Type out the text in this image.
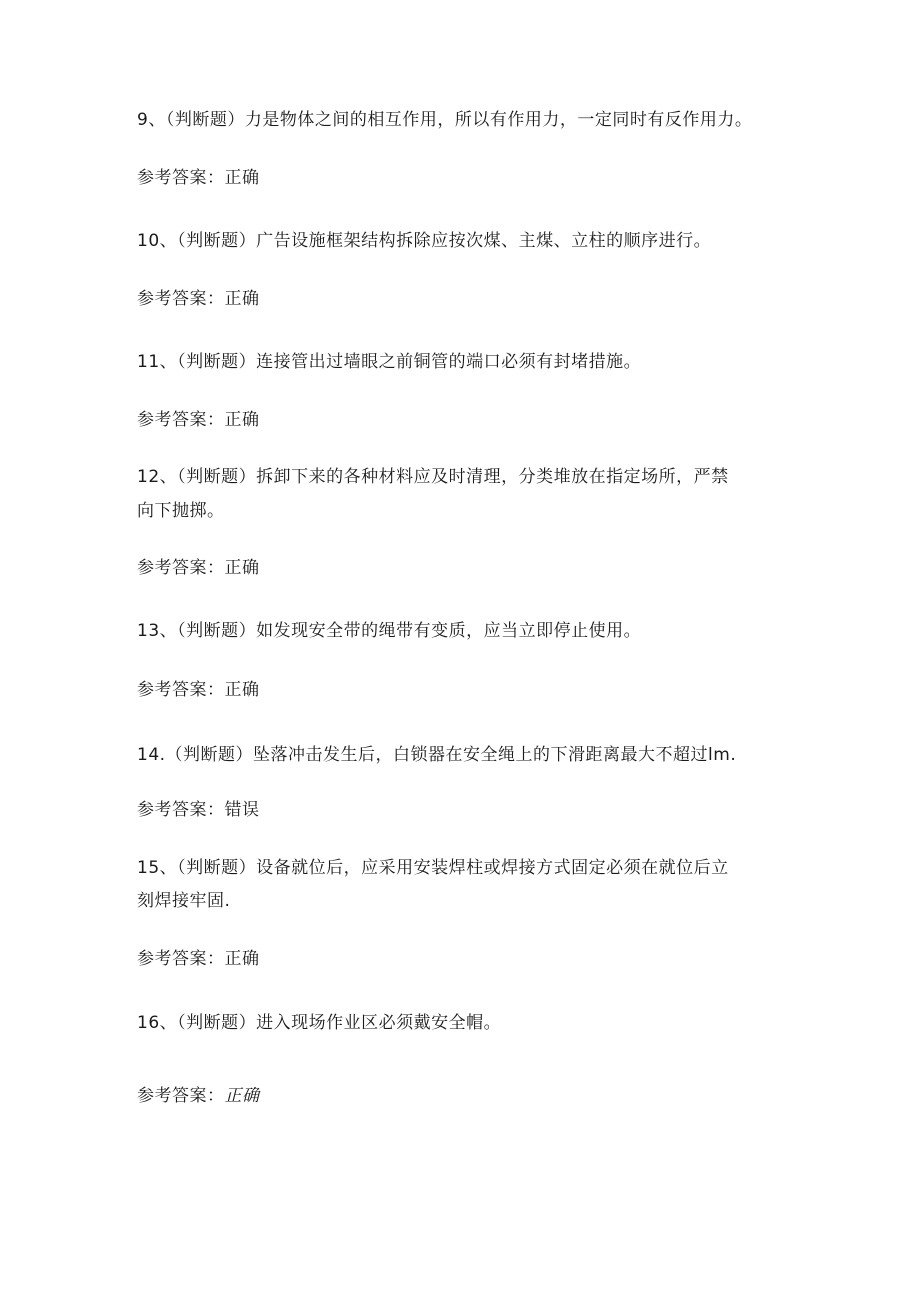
9、（判断题）力是物体之间的相互作用，所以有作用力，一定同时有反作用力。
参考答案：正确
10、（判断题）广告设施框架结构拆除应按次煤、主煤、立柱的顺序进行。
参考答案：正确
11、（判断题）连接管出过墙眼之前铜管的端口必须有封堵措施。
参考答案：正确
12、（判断题）拆卸下来的各种材料应及时清理，分类堆放在指定场所，严禁
向下抛掷。
参考答案：正确
13、（判断题）如发现安全带的绳带有变质，应当立即停止使用。
参考答案：正确
14.（判断题）坠落冲击发生后，白锁器在安全绳上的下滑距离最大不超过lm.
参考答案：错误
15、（判断题）设备就位后，应采用安装焊柱或焊接方式固定必须在就位后立
刻焊接牢固.
参考答案：正确
16、（判断题）进入现场作业区必须戴安全帽。
参考答案：正确
